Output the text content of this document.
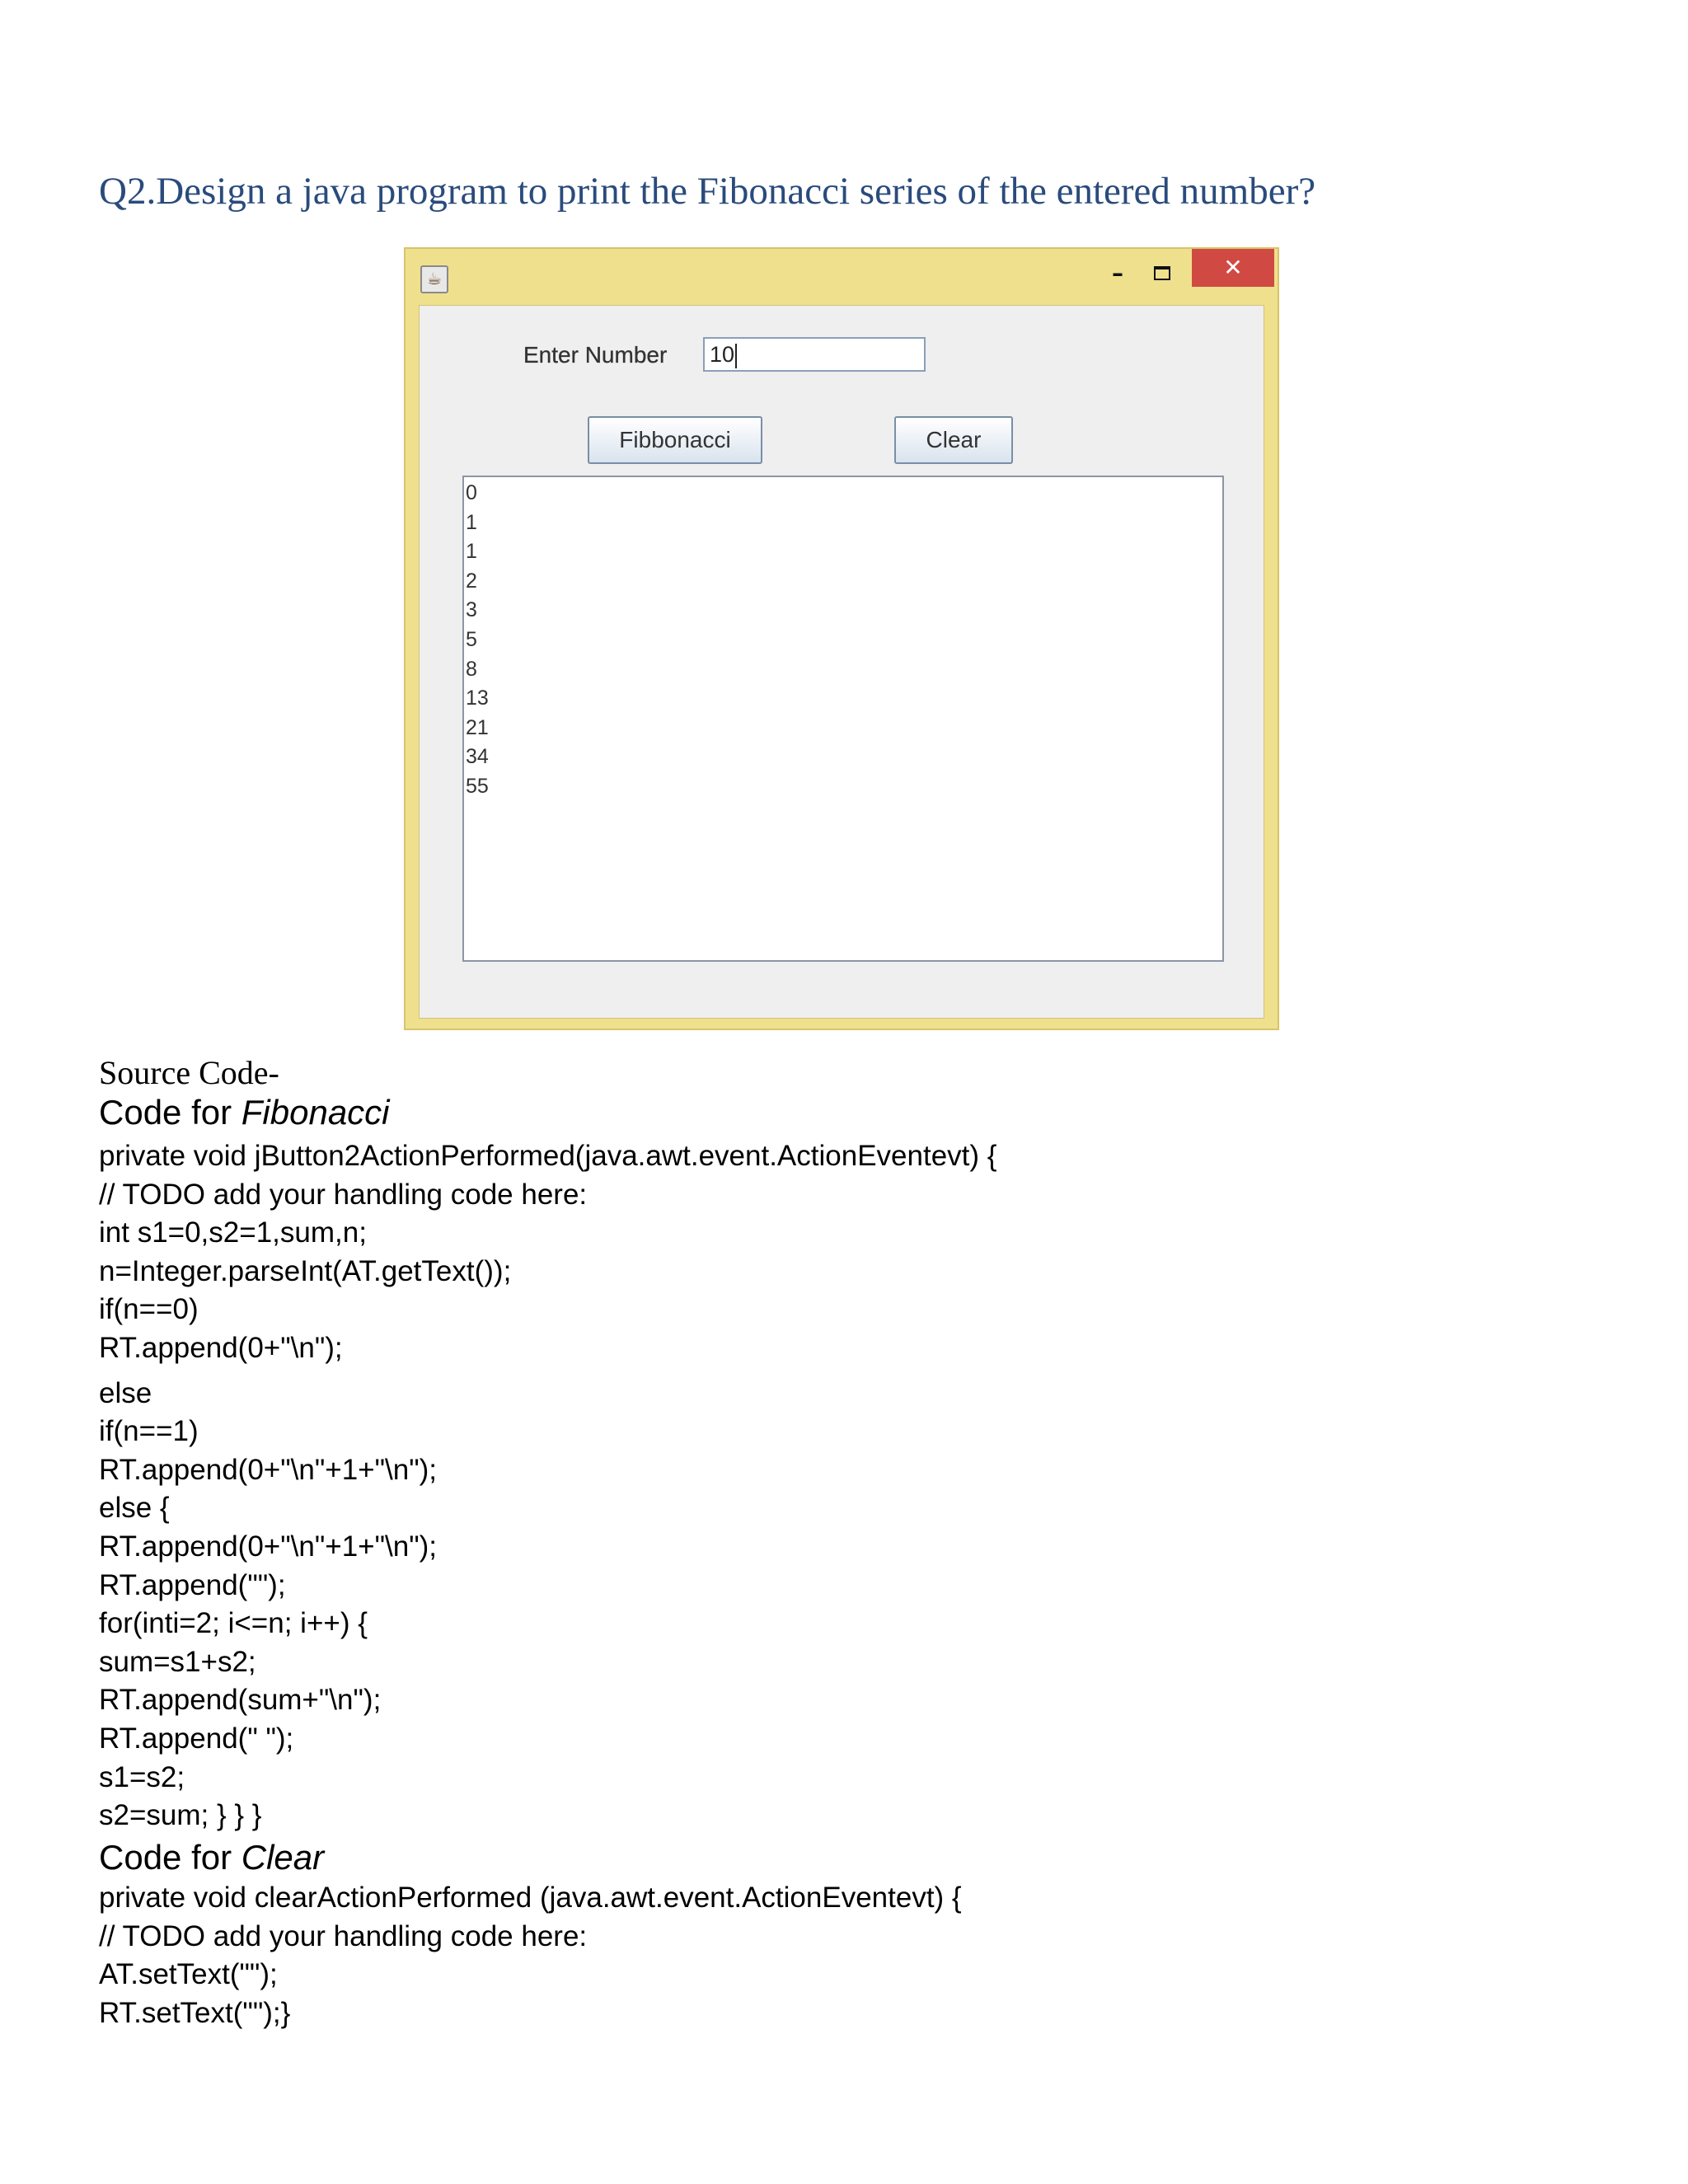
Q2.Design a java program to print the Fibonacci series of the entered number?
☕	–	✕
Enter Number 10
Fibbonacci	Clear
0
1
1
2
3
5
8
13
21
34
55
Source Code-
Code for Fibonacci
private void jButton2ActionPerformed(java.awt.event.ActionEventevt) {
// TODO add your handling code here:
int s1=0,s2=1,sum,n;
n=Integer.parseInt(AT.getText());
if(n==0)
RT.append(0+"\n");
else
if(n==1)
RT.append(0+"\n"+1+"\n");
else {
RT.append(0+"\n"+1+"\n");
RT.append("");
for(inti=2; i<=n; i++) {
sum=s1+s2;
RT.append(sum+"\n");
RT.append(" ");
s1=s2;
s2=sum; } } }
Code for Clear
private void clearActionPerformed (java.awt.event.ActionEventevt) {
// TODO add your handling code here:
AT.setText("");
RT.setText("");}
